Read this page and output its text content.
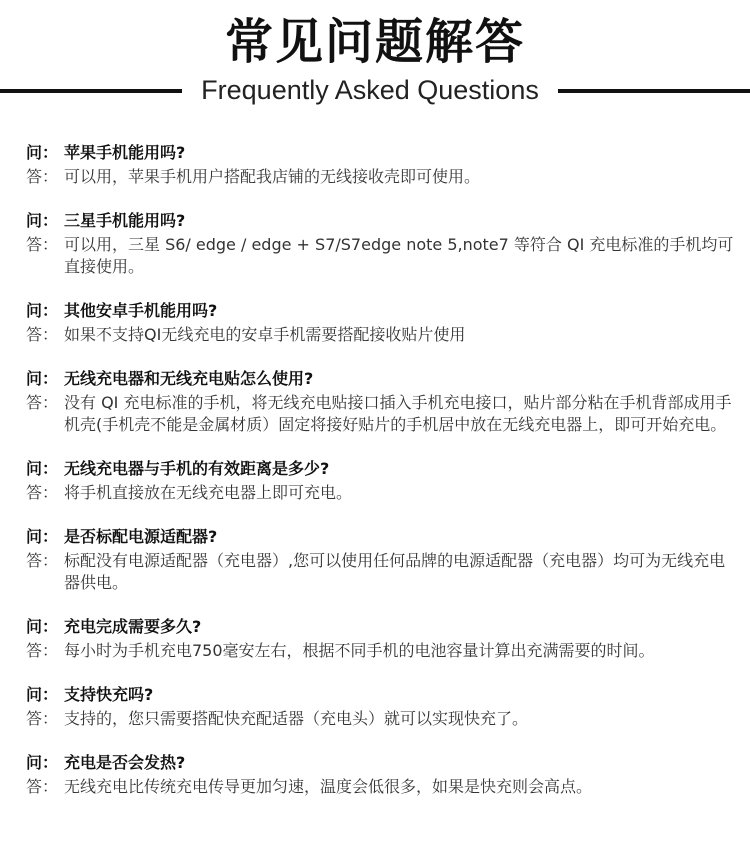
常见问题解答
Frequently Asked Questions
问： 苹果手机能用吗?
答： 可以用，苹果手机用户搭配我店铺的无线接收壳即可使用。
问： 三星手机能用吗?
答： 可以用，三星 S6/ edge / edge + S7/S7edge note 5,note7 等符合 QI 充电标准的手机均可直接使用。
问： 其他安卓手机能用吗?
答： 如果不支持QI无线充电的安卓手机需要搭配接收贴片使用
问： 无线充电器和无线充电贴怎么使用?
答： 没有 QI 充电标准的手机，将无线充电贴接口插入手机充电接口，贴片部分粘在手机背部成用手机壳(手机壳不能是金属材质）固定将接好贴片的手机居中放在无线充电器上，即可开始充电。
问： 无线充电器与手机的有效距离是多少?
答： 将手机直接放在无线充电器上即可充电。
问： 是否标配电源适配器?
答： 标配没有电源适配器（充电器）,您可以使用任何品牌的电源适配器（充电器）均可为无线充电器供电。
问： 充电完成需要多久?
答： 每小时为手机充电750毫安左右，根据不同手机的电池容量计算出充满需要的时间。
问： 支持快充吗?
答： 支持的，您只需要搭配快充配适器（充电头）就可以实现快充了。
问： 充电是否会发热?
答： 无线充电比传统充电传导更加匀速，温度会低很多，如果是快充则会高点。
